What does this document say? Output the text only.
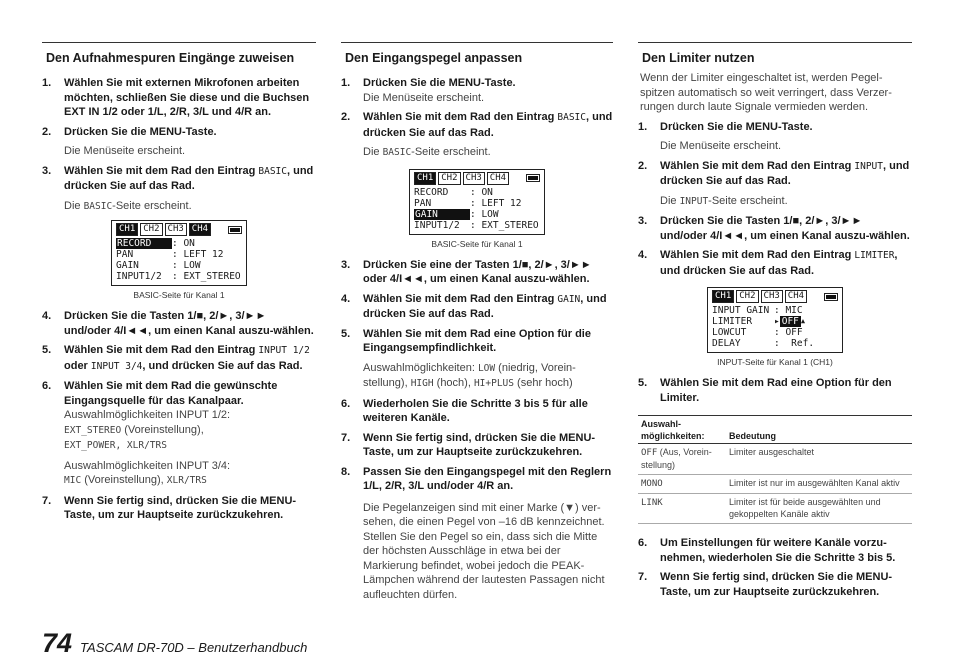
Den Aufnahmespuren Eingänge zuweisen
1.	Wählen Sie mit externen Mikrofonen arbeiten möchten, schließen Sie diese und die Buchsen EXT IN 1/2 oder 1/L, 2/R, 3/L und 4/R an.
2.	Drücken Sie die MENU-Taste.
Die Menüseite erscheint.
3.	Wählen Sie mit dem Rad den Eintrag BASIC, und drücken Sie auf das Rad.
Die BASIC-Seite erscheint.
CH1 CH2 CH3 CH4
RECORD	: ON
PAN	: LEFT 12
GAIN	: LOW
INPUT1/2	: EXT_STEREO
BASIC-Seite für Kanal 1
4.	Drücken Sie die Tasten 1/■, 2/►, 3/►► und/oder 4/I◄◄, um einen Kanal auszu-wählen.
5.	Wählen Sie mit dem Rad den Eintrag INPUT 1/2 oder INPUT 3/4, und drücken Sie auf das Rad.
6.	Wählen Sie mit dem Rad die gewünschte Eingangsquelle für das Kanalpaar.
Auswahlmöglichkeiten INPUT 1/2:
EXT_STEREO (Voreinstellung),
EXT_POWER, XLR/TRS
Auswahlmöglichkeiten INPUT 3/4:
MIC (Voreinstellung), XLR/TRS
7.	Wenn Sie fertig sind, drücken Sie die MENU-Taste, um zur Hauptseite zurückzukehren.
Den Eingangspegel anpassen
1.	Drücken Sie die MENU-Taste.
Die Menüseite erscheint.
2.	Wählen Sie mit dem Rad den Eintrag BASIC, und drücken Sie auf das Rad.
Die BASIC-Seite erscheint.
CH1 CH2 CH3 CH4
RECORD	: ON
PAN	: LEFT 12
GAIN	: LOW
INPUT1/2	: EXT_STEREO
BASIC-Seite für Kanal 1
3.	Drücken Sie eine der Tasten 1/■, 2/►, 3/►► oder 4/I◄◄, um einen Kanal auszu-wählen.
4.	Wählen Sie mit dem Rad den Eintrag GAIN, und drücken Sie auf das Rad.
5.	Wählen Sie mit dem Rad eine Option für die Eingangsempfindlichkeit.
Auswahlmöglichkeiten: LOW (niedrig, Vorein-stellung), HIGH (hoch), HI+PLUS (sehr hoch)
6.	Wiederholen Sie die Schritte 3 bis 5 für alle weiteren Kanäle.
7.	Wenn Sie fertig sind, drücken Sie die MENU-Taste, um zur Hauptseite zurückzukehren.
8.	Passen Sie den Eingangspegel mit den Reglern 1/L, 2/R, 3/L und/oder 4/R an.
Die Pegelanzeigen sind mit einer Marke (▼) ver-sehen, die einen Pegel von –16 dB kennzeichnet. Stellen Sie den Pegel so ein, dass sich die Mitte der höchsten Ausschläge in etwa bei der Markierung befindet, wobei jedoch die PEAK-Lämpchen während der lautesten Passagen nicht aufleuchten dürfen.
Den Limiter nutzen

Wenn der Limiter eingeschaltet ist, werden Pegel-spitzen automatisch so weit verringert, dass Verzer-rungen durch laute Signale vermieden werden.

1.	Drücken Sie die MENU-Taste.
Die Menüseite erscheint.
2.	Wählen Sie mit dem Rad den Eintrag INPUT, und drücken Sie auf das Rad.
Die INPUT-Seite erscheint.
3.	Drücken Sie die Tasten 1/■, 2/►, 3/►► und/oder 4/I◄◄, um einen Kanal auszu-wählen.
4.	Wählen Sie mit dem Rad den Eintrag LIMITER, und drücken Sie auf das Rad.
CH1 CH2 CH3 CH4
INPUT GAIN : MIC
LIMITER	▸ OFF ▲
LOWCUT	: OFF
DELAY	:  Ref.
INPUT-Seite für Kanal 1 (CH1)
5.	Wählen Sie mit dem Rad eine Option für den Limiter.
Auswahl-möglichkeiten:	Bedeutung
OFF (Aus, Vorein-stellung)	Limiter ausgeschaltet
MONO	Limiter ist nur im ausgewählten Kanal aktiv
LINK	Limiter ist für beide ausgewählten und gekoppelten Kanäle aktiv
6.	Um Einstellungen für weitere Kanäle vorzu-nehmen, wiederholen Sie die Schritte 3 bis 5.
7.	Wenn Sie fertig sind, drücken Sie die MENU-Taste, um zur Hauptseite zurückzukehren.
74 TASCAM DR-70D – Benutzerhandbuch
